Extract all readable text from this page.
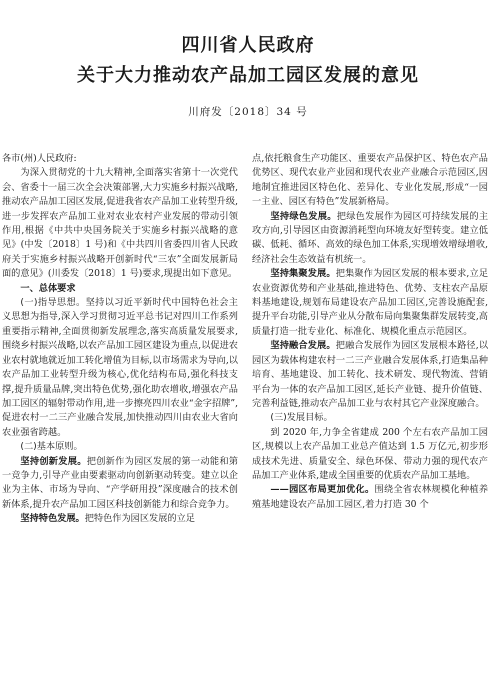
四川省人民政府
关于大力推动农产品加工园区发展的意见
川府发〔2018〕34 号

各市(州)人民政府:

为深入贯彻党的十九大精神,全面落实省第十一次党代会、省委十一届三次全会决策部署,大力实施乡村振兴战略,推动农产品加工园区发展,促进我省农产品加工业转型升级,进一步发挥农产品加工业对农业农村产业发展的带动引领作用,根据《中共中央国务院关于实施乡村振兴战略的意见》(中发〔2018〕1 号)和《中共四川省委四川省人民政府关于实施乡村振兴战略开创新时代“三农”全面发展新局面的意见》(川委发〔2018〕1 号)要求,现提出如下意见。

一、总体要求

(一)指导思想。坚持以习近平新时代中国特色社会主义思想为指导,深入学习贯彻习近平总书记对四川工作系列重要指示精神,全面贯彻新发展理念,落实高质量发展要求,围绕乡村振兴战略,以农产品加工园区建设为重点,以促进农业农村就地就近加工转化增值为目标,以市场需求为导向,以农产品加工业转型升级为核心,优化结构布局,强化科技支撑,提升质量品牌,突出特色优势,强化助农增收,增强农产品加工园区的辐射带动作用,进一步擦亮四川农业“金字招牌”,促进农村一二三产业融合发展,加快推动四川由农业大省向农业强省跨越。

(二)基本原则。

坚持创新发展。把创新作为园区发展的第一动能和第一竞争力,引导产业由要素驱动向创新驱动转变。建立以企业为主体、市场为导向、“产学研用投”深度融合的技术创新体系,提升农产品加工园区科技创新能力和综合竞争力。

坚持特色发展。把特色作为园区发展的立足

点,依托粮食生产功能区、重要农产品保护区、特色农产品优势区、现代农业产业园和现代农业产业融合示范园区,因地制宜推进园区特色化、差异化、专业化发展,形成“一园一主业、园区有特色”发展新格局。

坚持绿色发展。把绿色发展作为园区可持续发展的主攻方向,引导园区由资源消耗型向环境友好型转变。建立低碳、低耗、循环、高效的绿色加工体系,实现增效增绿增收,经济社会生态效益有机统一。

坚持集聚发展。把集聚作为园区发展的根本要求,立足农业资源优势和产业基础,推进特色、优势、支柱农产品原料基地建设,规划布局建设农产品加工园区,完善设施配套,提升平台功能,引导产业从分散布局向集聚集群发展转变,高质量打造一批专业化、标准化、规模化重点示范园区。

坚持融合发展。把融合发展作为园区发展根本路径,以园区为载体构建农村一二三产业融合发展体系,打造集品种培育、基地建设、加工转化、技术研发、现代物流、营销平台为一体的农产品加工园区,延长产业链、提升价值链、完善利益链,推动农产品加工业与农村其它产业深度融合。

(三)发展目标。

到 2020 年,力争全省建成 200 个左右农产品加工园区,规模以上农产品加工业总产值达到 1.5 万亿元,初步形成技术先进、质量安全、绿色环保、带动力强的现代农产品加工产业体系,建成全国重要的优质农产品加工基地。

——园区布局更加优化。围绕全省农林规模化种植养殖基地建设农产品加工园区,着力打造 30 个
